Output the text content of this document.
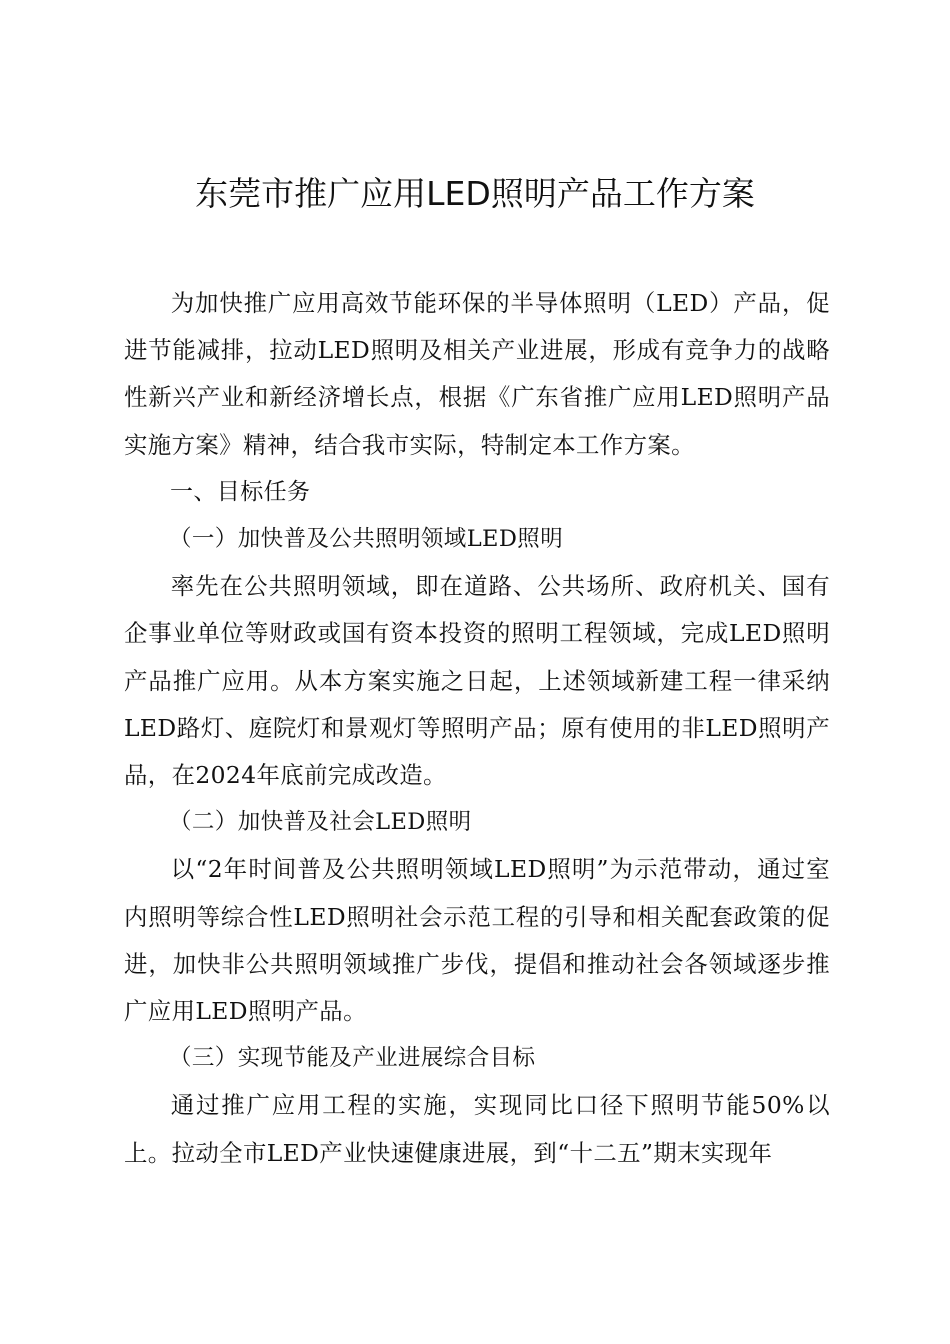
东莞市推广应用LED照明产品工作方案

为加快推广应用高效节能环保的半导体照明（LED）产品，促进节能减排，拉动LED照明及相关产业进展，形成有竞争力的战略性新兴产业和新经济增长点，根据《广东省推广应用LED照明产品实施方案》精神，结合我市实际，特制定本工作方案。

一、目标任务

（一）加快普及公共照明领域LED照明

率先在公共照明领域，即在道路、公共场所、政府机关、国有企事业单位等财政或国有资本投资的照明工程领域，完成LED照明产品推广应用。从本方案实施之日起，上述领域新建工程一律采纳LED路灯、庭院灯和景观灯等照明产品；原有使用的非LED照明产品，在2024年底前完成改造。

（二）加快普及社会LED照明

以“2年时间普及公共照明领域LED照明”为示范带动，通过室内照明等综合性LED照明社会示范工程的引导和相关配套政策的促进，加快非公共照明领域推广步伐，提倡和推动社会各领域逐步推广应用LED照明产品。

（三）实现节能及产业进展综合目标

通过推广应用工程的实施，实现同比口径下照明节能50%以上。拉动全市LED产业快速健康进展，到“十二五”期末实现年
